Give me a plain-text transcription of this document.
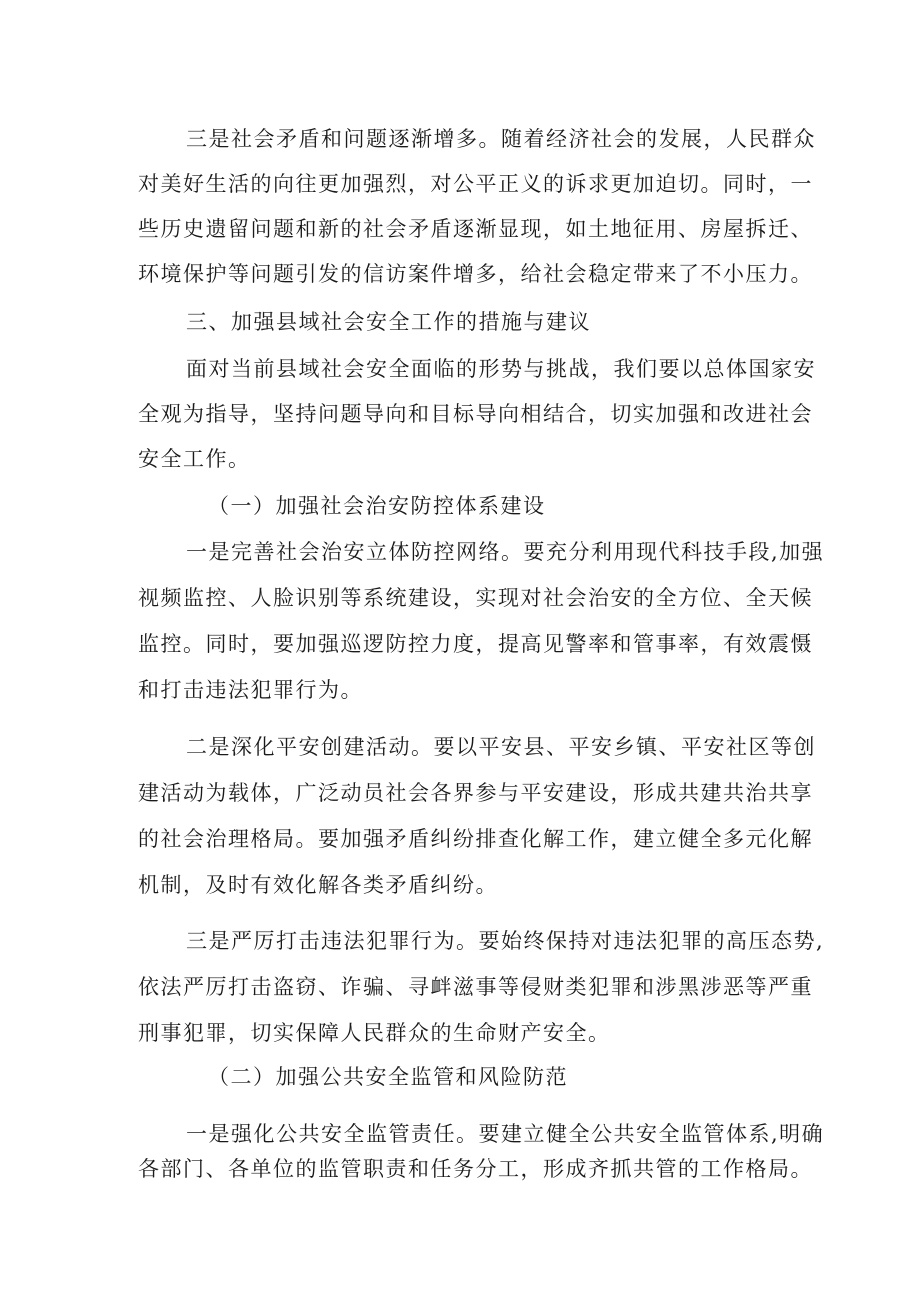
三是社会矛盾和问题逐渐增多。随着经济社会的发展，人民群众
对美好生活的向往更加强烈，对公平正义的诉求更加迫切。同时，一
些历史遗留问题和新的社会矛盾逐渐显现，如土地征用、房屋拆迁、
环境保护等问题引发的信访案件增多，给社会稳定带来了不小压力。
三、加强县域社会安全工作的措施与建议
面对当前县域社会安全面临的形势与挑战，我们要以总体国家安
全观为指导，坚持问题导向和目标导向相结合，切实加强和改进社会
安全工作。
（一）加强社会治安防控体系建设
一是完善社会治安立体防控网络。要充分利用现代科技手段,加强
视频监控、人脸识别等系统建设，实现对社会治安的全方位、全天候
监控。同时，要加强巡逻防控力度，提高见警率和管事率，有效震慑
和打击违法犯罪行为。
二是深化平安创建活动。要以平安县、平安乡镇、平安社区等创
建活动为载体，广泛动员社会各界参与平安建设，形成共建共治共享
的社会治理格局。要加强矛盾纠纷排查化解工作，建立健全多元化解
机制，及时有效化解各类矛盾纠纷。
三是严厉打击违法犯罪行为。要始终保持对违法犯罪的高压态势,
依法严厉打击盗窃、诈骗、寻衅滋事等侵财类犯罪和涉黑涉恶等严重
刑事犯罪，切实保障人民群众的生命财产安全。
（二）加强公共安全监管和风险防范
一是强化公共安全监管责任。要建立健全公共安全监管体系,明确
各部门、各单位的监管职责和任务分工，形成齐抓共管的工作格局。
